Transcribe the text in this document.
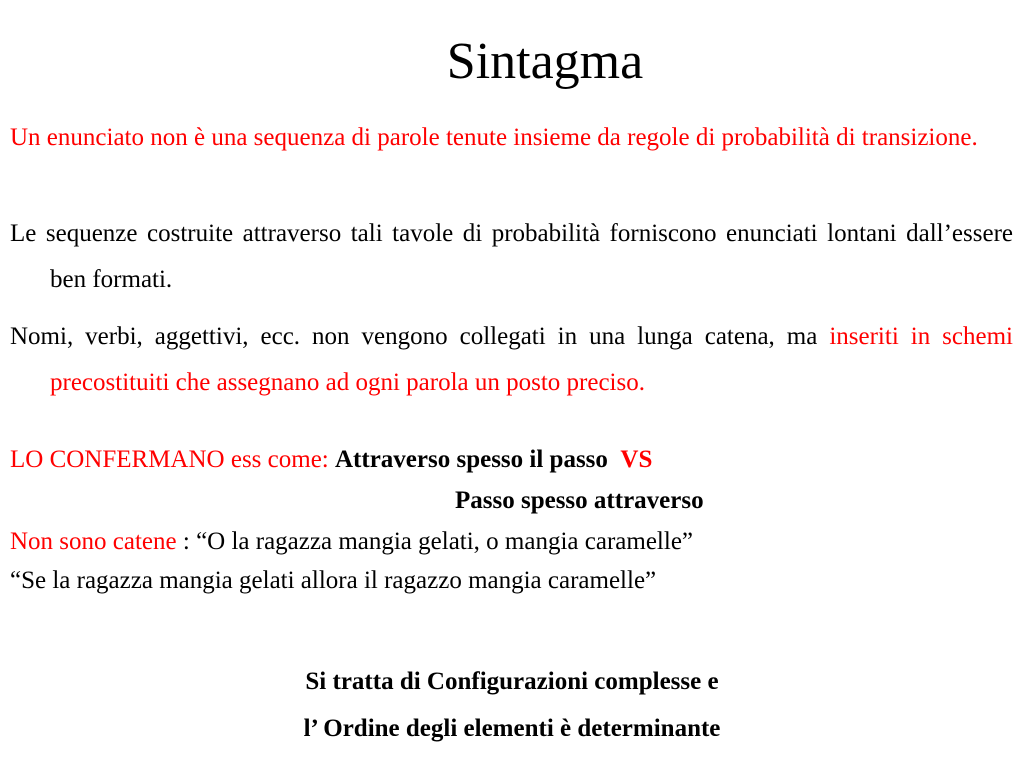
Sintagma
Un enunciato non è una sequenza di parole tenute insieme da regole di probabilità di transizione.
Le sequenze costruite attraverso tali tavole di probabilità forniscono enunciati lontani dall’essere ben formati.
Nomi, verbi, aggettivi, ecc. non vengono collegati in una lunga catena, ma inseriti in schemi precostituiti che assegnano ad ogni parola un posto preciso.
LO CONFERMANO ess come: Attraverso spesso il passo VS
Passo spesso attraverso
Non sono catene : “O la ragazza mangia gelati, o mangia caramelle”
“Se la ragazza mangia gelati allora il ragazzo mangia caramelle”
Si tratta di Configurazioni complesse e
l’ Ordine degli elementi è determinante
